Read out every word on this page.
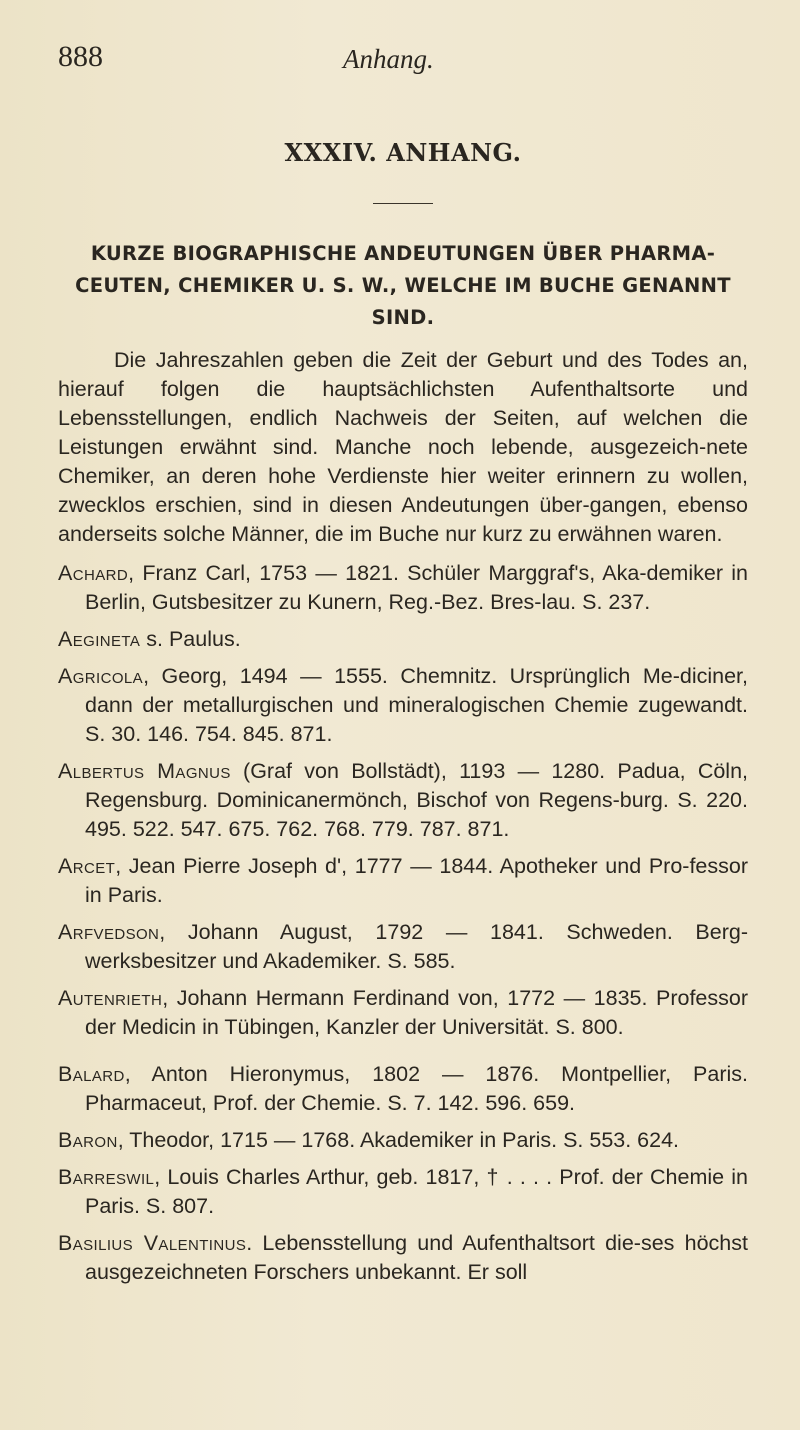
888	Anhang.
XXXIV. ANHANG.
KURZE BIOGRAPHISCHE ANDEUTUNGEN ÜBER PHARMA-CEUTEN, CHEMIKER U. S. W., WELCHE IM BUCHE GENANNT SIND.

Die Jahreszahlen geben die Zeit der Geburt und des Todes an, hierauf folgen die hauptsächlichsten Aufenthaltsorte und Lebensstellungen, endlich Nachweis der Seiten, auf welchen die Leistungen erwähnt sind. Manche noch lebende, ausgezeich-nete Chemiker, an deren hohe Verdienste hier weiter erinnern zu wollen, zwecklos erschien, sind in diesen Andeutungen über-gangen, ebenso anderseits solche Männer, die im Buche nur kurz zu erwähnen waren.

Achard, Franz Carl, 1753 — 1821. Schüler Marggraf's, Aka-demiker in Berlin, Gutsbesitzer zu Kunern, Reg.-Bez. Bres-lau. S. 237.

Aegineta s. Paulus.

Agricola, Georg, 1494 — 1555. Chemnitz. Ursprünglich Me-diciner, dann der metallurgischen und mineralogischen Chemie zugewandt. S. 30. 146. 754. 845. 871.

Albertus Magnus (Graf von Bollstädt), 1193 — 1280. Padua, Cöln, Regensburg. Dominicanermönch, Bischof von Regens-burg. S. 220. 495. 522. 547. 675. 762. 768. 779. 787. 871.

Arcet, Jean Pierre Joseph d', 1777 — 1844. Apotheker und Pro-fessor in Paris.

Arfvedson, Johann August, 1792 — 1841. Schweden. Berg-werksbesitzer und Akademiker. S. 585.

Autenrieth, Johann Hermann Ferdinand von, 1772 — 1835. Professor der Medicin in Tübingen, Kanzler der Universität. S. 800.

Balard, Anton Hieronymus, 1802 — 1876. Montpellier, Paris. Pharmaceut, Prof. der Chemie. S. 7. 142. 596. 659.

Baron, Theodor, 1715 — 1768. Akademiker in Paris. S. 553. 624.

Barreswil, Louis Charles Arthur, geb. 1817, † . . . . Prof. der Chemie in Paris. S. 807.

Basilius Valentinus. Lebensstellung und Aufenthaltsort die-ses höchst ausgezeichneten Forschers unbekannt. Er soll
